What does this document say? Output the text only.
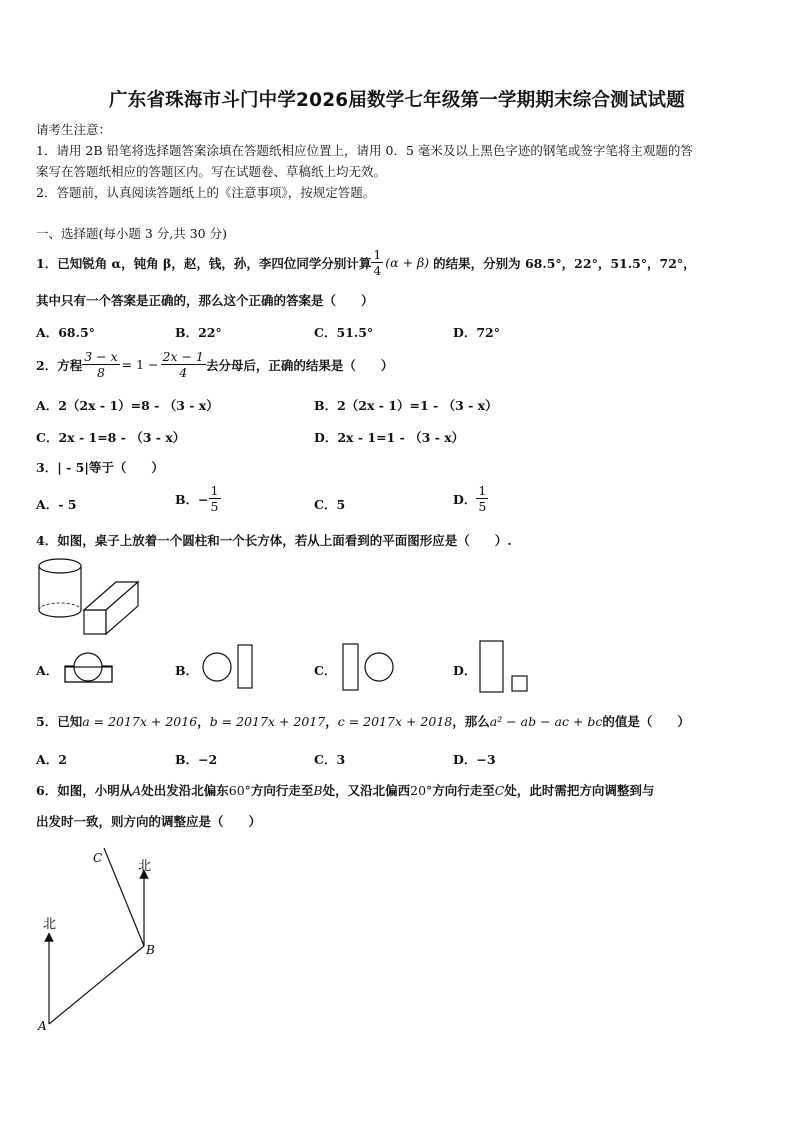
广东省珠海市斗门中学2026届数学七年级第一学期期末综合测试试题
请考生注意：
1．请用 2B 铅笔将选择题答案涂填在答题纸相应位置上，请用 0．5 毫米及以上黑色字迹的钢笔或签字笔将主观题的答
案写在答题纸相应的答题区内。写在试题卷、草稿纸上均无效。
2．答题前，认真阅读答题纸上的《注意事项》，按规定答题。
一、选择题(每小题 3 分,共 30 分)
1．已知锐角 α，钝角 β，赵，钱，孙，李四位同学分别计算 $\frac{1}{4} (\alpha + \beta)$ 的结果，分别为 68.5°，22°，51.5°，72°，
其中只有一个答案是正确的，那么这个正确的答案是（　　）
A．68.5°	B．22°	C．51.5°	D．72°
2．方程 $\frac{3 - x}{8} = 1 - \frac{2x - 1}{4}$ 去分母后，正确的结果是（　　）
A．2（2x - 1）=8 - （3 - x）	B．2（2x - 1）=1 - （3 - x）
C．2x - 1=8 - （3 - x）	D．2x - 1=1 - （3 - x）
3．| - 5|等于（　　）
A．- 5	B．− $\frac{1}{5}$	C．5	D． $\frac{1}{5}$
4．如图，桌子上放着一个圆柱和一个长方体，若从上面看到的平面图形应是（　　）.
A．	B．	C．	D．
5．已知 a = 2017x + 2016 ， b = 2017x + 2017 ， c = 2017x + 2018 ，那么 a² − ab − ac + bc 的值是（　　）
A．2	B．−2	C．3	D．−3
6．如图，小明从 A 处出发沿北偏东 60° 方向行走至 B 处，又沿北偏西 20° 方向行走至 C 处，此时需把方向调整到与
出发时一致，则方向的调整应是（　　）
北
北
A
B
C
